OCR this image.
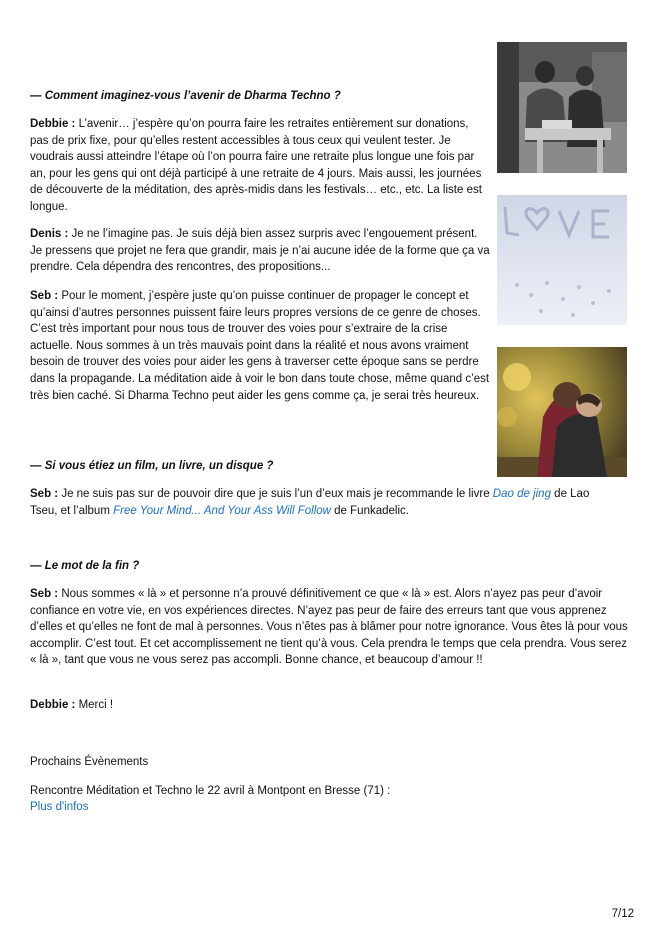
— Comment imaginez-vous l’avenir de Dharma Techno ?

Debbie : L’avenir… j’espère qu’on pourra faire les retraites entièrement sur donations, pas de prix fixe, pour qu’elles restent accessibles à tous ceux qui veulent tester. Je voudrais aussi atteindre l’étape où l’on pourra faire une retraite plus longue une fois par an, pour les gens qui ont déjà participé à une retraite de 4 jours. Mais aussi, les journées de découverte de la méditation, des après-midis dans les festivals… etc., etc. La liste est longue.

Denis : Je ne l’imagine pas. Je suis déjà bien assez surpris avec l’engouement présent. Je pressens que projet ne fera que grandir, mais je n’ai aucune idée de la forme que ça va prendre. Cela dépendra des rencontres, des propositions...

Seb : Pour le moment, j’espère juste qu’on puisse continuer de propager le concept et qu’ainsi d’autres personnes puissent faire leurs propres versions de ce genre de choses. C’est très important pour nous tous de trouver des voies pour s’extraire de la crise actuelle. Nous sommes à un très mauvais point dans la réalité et nous avons vraiment besoin de trouver des voies pour aider les gens à traverser cette époque sans se perdre dans la propagande. La méditation aide à voir le bon dans toute chose, même quand c’est très bien caché. Si Dharma Techno peut aider les gens comme ça, je serai très heureux.

— Si vous étiez un film, un livre, un disque ?

Seb : Je ne suis pas sur de pouvoir dire que je suis l’un d’eux mais je recommande le livre Dao de jing de Lao Tseu, et l’album Free Your Mind... And Your Ass Will Follow de Funkadelic.

— Le mot de la fin ?

Seb : Nous sommes « là » et personne n’a prouvé définitivement ce que « là » est. Alors n’ayez pas peur d’avoir confiance en votre vie, en vos expériences directes. N’ayez pas peur de faire des erreurs tant que vous apprenez d’elles et qu’elles ne font de mal à personnes. Vous n’êtes pas à blâmer pour notre ignorance. Vous êtes là pour vous accomplir. C’est tout. Et cet accomplissement ne tient qu’à vous. Cela prendra le temps que cela prendra. Vous serez « là », tant que vous ne vous serez pas accompli. Bonne chance, et beaucoup d’amour !!

Debbie : Merci !

Prochains Évènements

Rencontre Méditation et Techno le 22 avril à Montpont en Bresse (71) :

Plus d'infos

7/12
